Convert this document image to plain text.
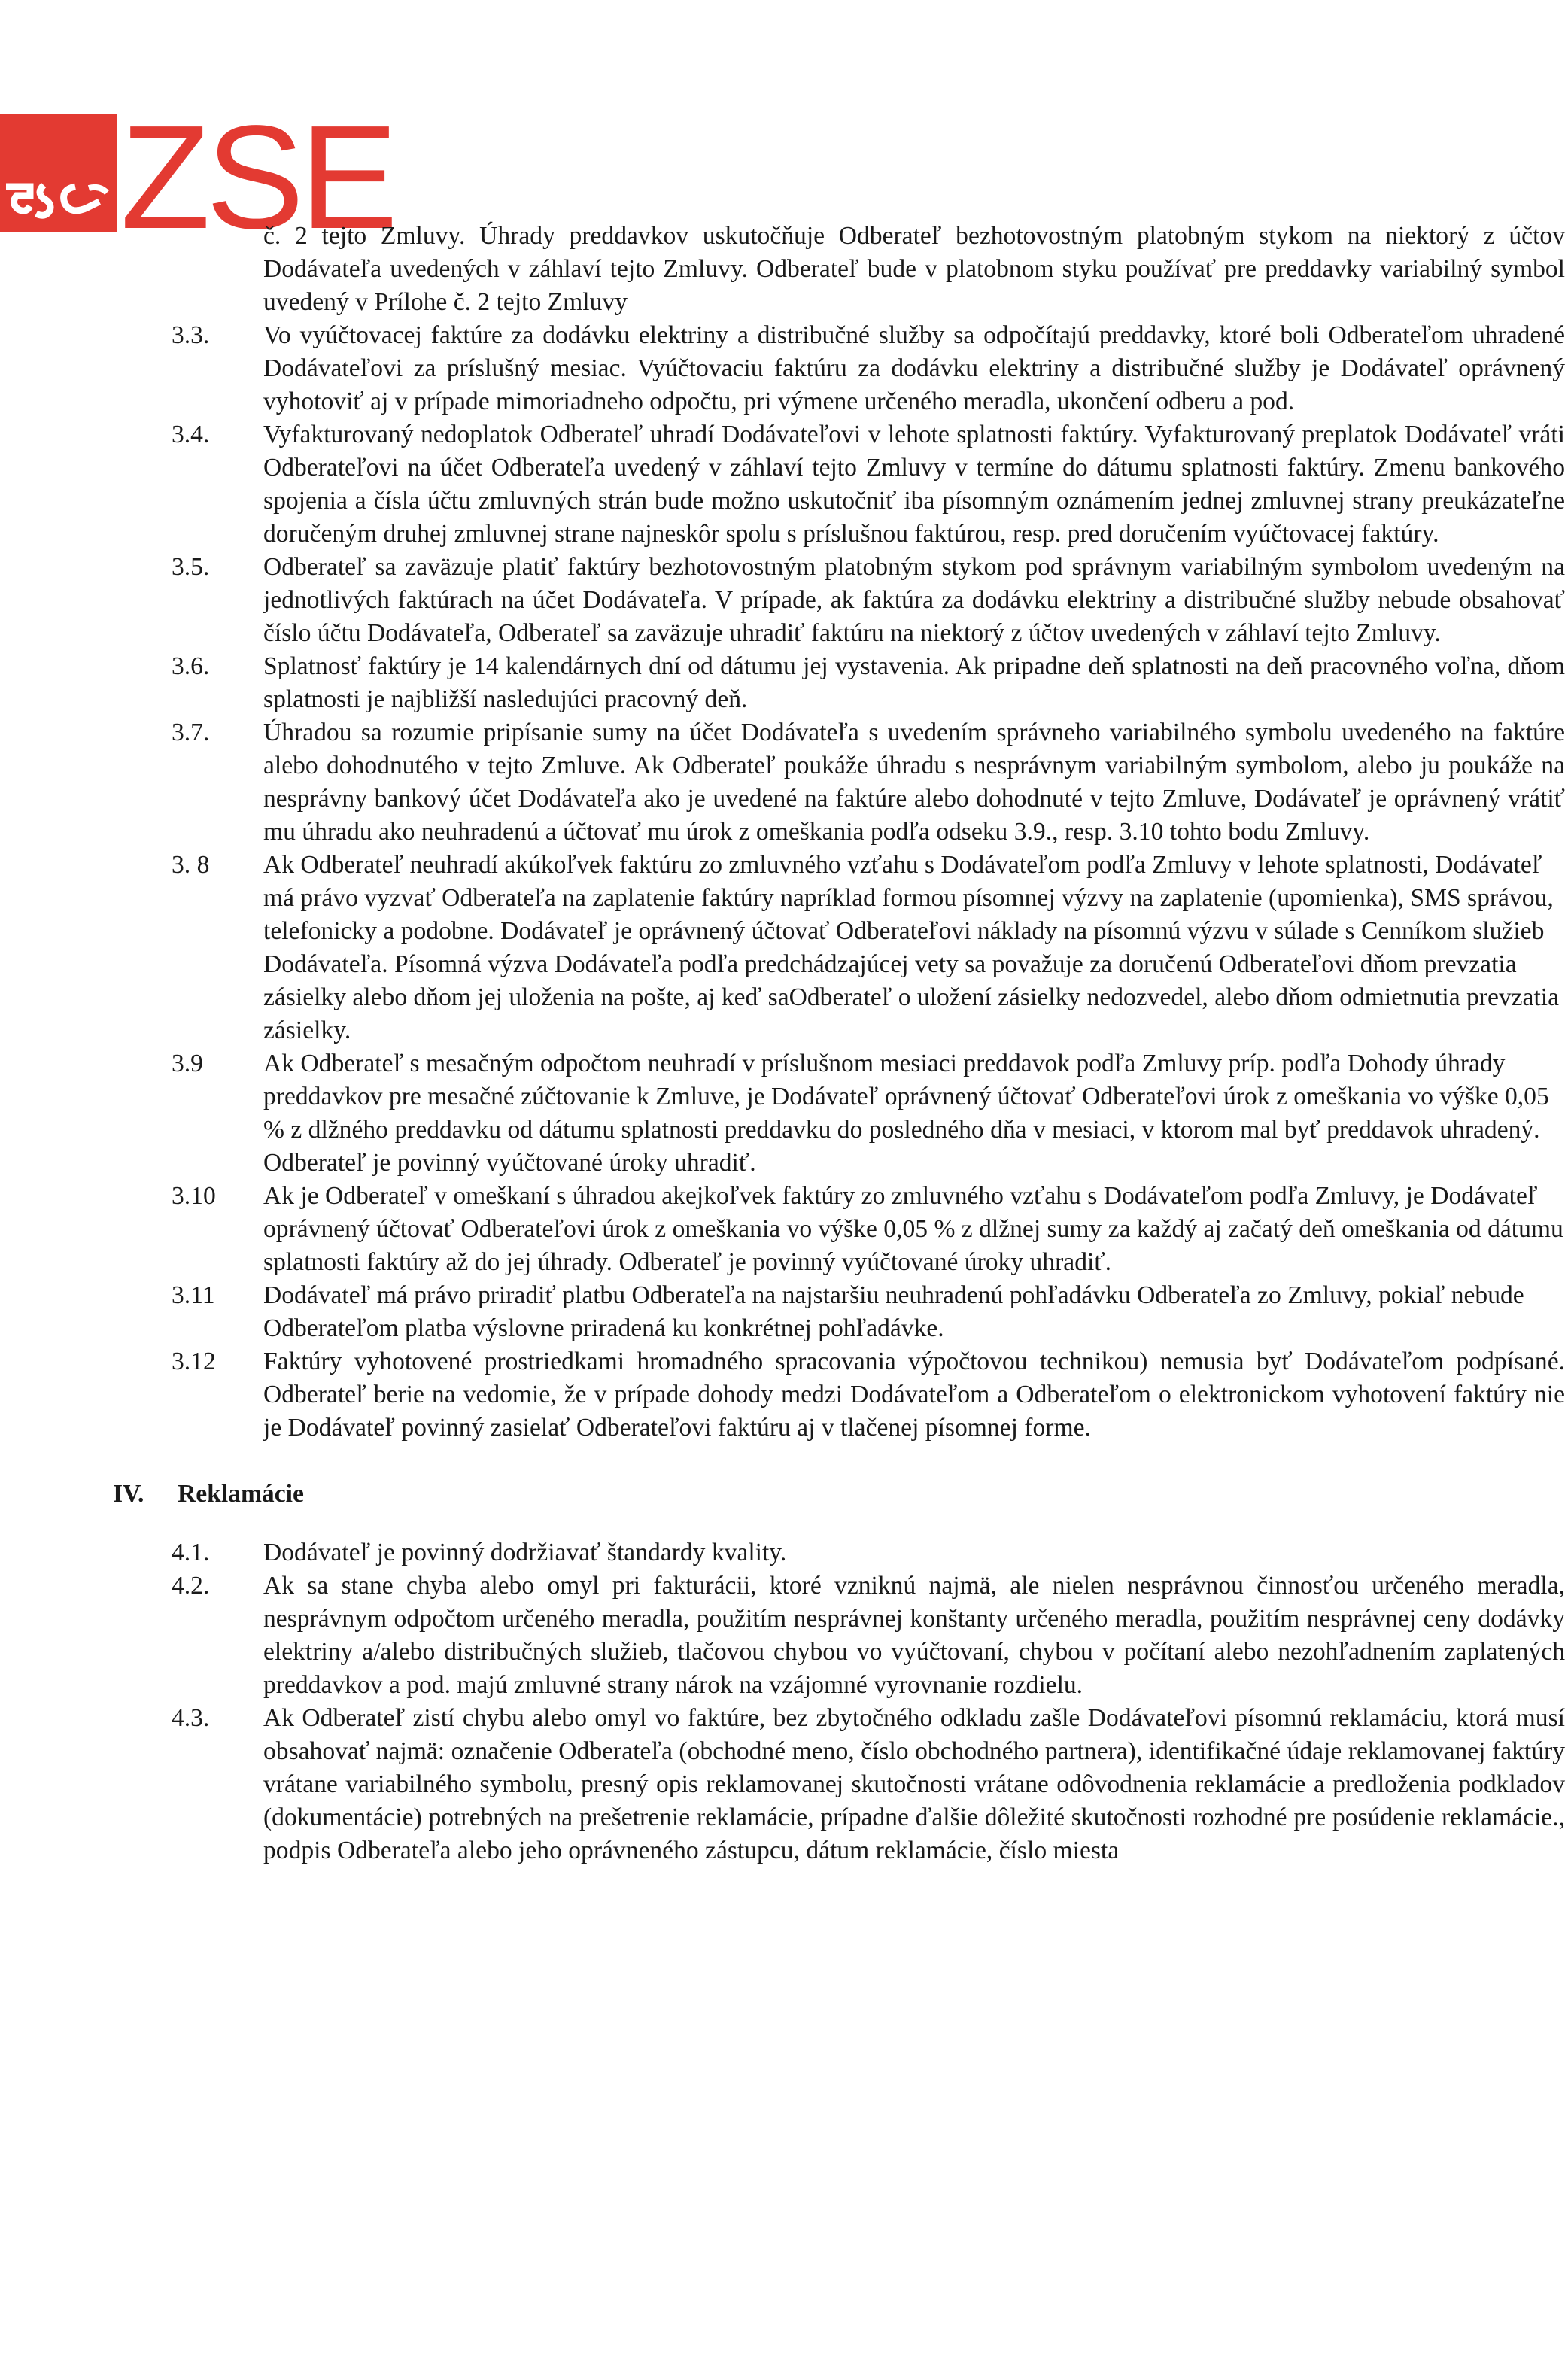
ZSE
č. 2 tejto Zmluvy. Úhrady preddavkov uskutočňuje Odberateľ bezhotovostným platobným stykom na niektorý z účtov Dodávateľa uvedených v záhlaví tejto Zmluvy. Odberateľ bude v platobnom styku používať pre preddavky variabilný symbol uvedený v Prílohe č. 2 tejto Zmluvy
3.3.	Vo vyúčtovacej faktúre za dodávku elektriny a distribučné služby sa odpočítajú preddavky, ktoré boli Odberateľom uhradené Dodávateľovi za príslušný mesiac. Vyúčtovaciu faktúru za dodávku elektriny a distribučné služby je Dodávateľ oprávnený vyhotoviť aj v prípade mimoriadneho odpočtu, pri výmene určeného meradla, ukončení odberu a pod.
3.4.	Vyfakturovaný nedoplatok Odberateľ uhradí Dodávateľovi v lehote splatnosti faktúry. Vyfakturovaný preplatok Dodávateľ vráti Odberateľovi na účet Odberateľa uvedený v záhlaví tejto Zmluvy v termíne do dátumu splatnosti faktúry. Zmenu bankového spojenia a čísla účtu zmluvných strán bude možno uskutočniť iba písomným oznámením jednej zmluvnej strany preukázateľne doručeným druhej zmluvnej strane najneskôr spolu s príslušnou faktúrou, resp. pred doručením vyúčtovacej faktúry.
3.5.	Odberateľ sa zaväzuje platiť faktúry bezhotovostným platobným stykom pod správnym variabilným symbolom uvedeným na jednotlivých faktúrach na účet Dodávateľa. V prípade, ak faktúra za dodávku elektriny a distribučné služby nebude obsahovať číslo účtu Dodávateľa, Odberateľ sa zaväzuje uhradiť faktúru na niektorý z účtov uvedených v záhlaví tejto Zmluvy.
3.6.	Splatnosť faktúry je 14 kalendárnych dní od dátumu jej vystavenia. Ak pripadne deň splatnosti na deň pracovného voľna, dňom splatnosti je najbližší nasledujúci pracovný deň.
3.7.	Úhradou sa rozumie pripísanie sumy na účet Dodávateľa s uvedením správneho variabilného symbolu uvedeného na faktúre alebo dohodnutého v tejto Zmluve. Ak Odberateľ poukáže úhradu s nesprávnym variabilným symbolom, alebo ju poukáže na nesprávny bankový účet Dodávateľa ako je uvedené na faktúre alebo dohodnuté v tejto Zmluve, Dodávateľ je oprávnený vrátiť mu úhradu ako neuhradenú a účtovať mu úrok z omeškania podľa odseku 3.9., resp. 3.10 tohto bodu Zmluvy.
3. 8	Ak Odberateľ neuhradí akúkoľvek faktúru zo zmluvného vzťahu s Dodávateľom podľa Zmluvy v lehote splatnosti, Dodávateľ má právo vyzvať Odberateľa na zaplatenie faktúry napríklad formou písomnej výzvy na zaplatenie (upomienka), SMS správou, telefonicky a podobne. Dodávateľ je oprávnený účtovať Odberateľovi náklady na písomnú výzvu v súlade s Cenníkom služieb Dodávateľa. Písomná výzva Dodávateľa podľa predchádzajúcej vety sa považuje za doručenú Odberateľovi dňom prevzatia zásielky alebo dňom jej uloženia na pošte, aj keď saOdberateľ o uložení zásielky nedozvedel, alebo dňom odmietnutia prevzatia zásielky.
3.9	Ak Odberateľ s mesačným odpočtom neuhradí v príslušnom mesiaci preddavok podľa Zmluvy príp. podľa Dohody úhrady preddavkov pre mesačné zúčtovanie k Zmluve, je Dodávateľ oprávnený účtovať Odberateľovi úrok z omeškania vo výške 0,05 % z dlžného preddavku od dátumu splatnosti preddavku do posledného dňa v mesiaci, v ktorom mal byť preddavok uhradený. Odberateľ je povinný vyúčtované úroky uhradiť.
3.10	Ak je Odberateľ v omeškaní s úhradou akejkoľvek faktúry zo zmluvného vzťahu s Dodávateľom podľa Zmluvy, je Dodávateľ oprávnený účtovať Odberateľovi úrok z omeškania vo výške 0,05 % z dlžnej sumy za každý aj začatý deň omeškania od dátumu splatnosti faktúry až do jej úhrady. Odberateľ je povinný vyúčtované úroky uhradiť.
3.11	Dodávateľ má právo priradiť platbu Odberateľa na najstaršiu neuhradenú pohľadávku Odberateľa zo Zmluvy, pokiaľ nebude Odberateľom platba výslovne priradená ku konkrétnej pohľadávke.
3.12	Faktúry vyhotovené prostriedkami hromadného spracovania výpočtovou technikou) nemusia byť Dodávateľom podpísané. Odberateľ berie na vedomie, že v prípade dohody medzi Dodávateľom a Odberateľom o elektronickom vyhotovení faktúry nie je Dodávateľ povinný zasielať Odberateľovi faktúru aj v tlačenej písomnej forme.
IV. Reklamácie
4.1.	Dodávateľ je povinný dodržiavať štandardy kvality.
4.2.	Ak sa stane chyba alebo omyl pri fakturácii, ktoré vzniknú najmä, ale nielen nesprávnou činnosťou určeného meradla, nesprávnym odpočtom určeného meradla, použitím nesprávnej konštanty určeného meradla, použitím nesprávnej ceny dodávky elektriny a/alebo distribučných služieb, tlačovou chybou vo vyúčtovaní, chybou v počítaní alebo nezohľadnením zaplatených preddavkov a pod. majú zmluvné strany nárok na vzájomné vyrovnanie rozdielu.
4.3.	Ak Odberateľ zistí chybu alebo omyl vo faktúre, bez zbytočného odkladu zašle Dodávateľovi písomnú reklamáciu, ktorá musí obsahovať najmä: označenie Odberateľa (obchodné meno, číslo obchodného partnera), identifikačné údaje reklamovanej faktúry vrátane variabilného symbolu, presný opis reklamovanej skutočnosti vrátane odôvodnenia reklamácie a predloženia podkladov (dokumentácie) potrebných na prešetrenie reklamácie, prípadne ďalšie dôležité skutočnosti rozhodné pre posúdenie reklamácie., podpis Odberateľa alebo jeho oprávneného zástupcu, dátum reklamácie, číslo miesta
